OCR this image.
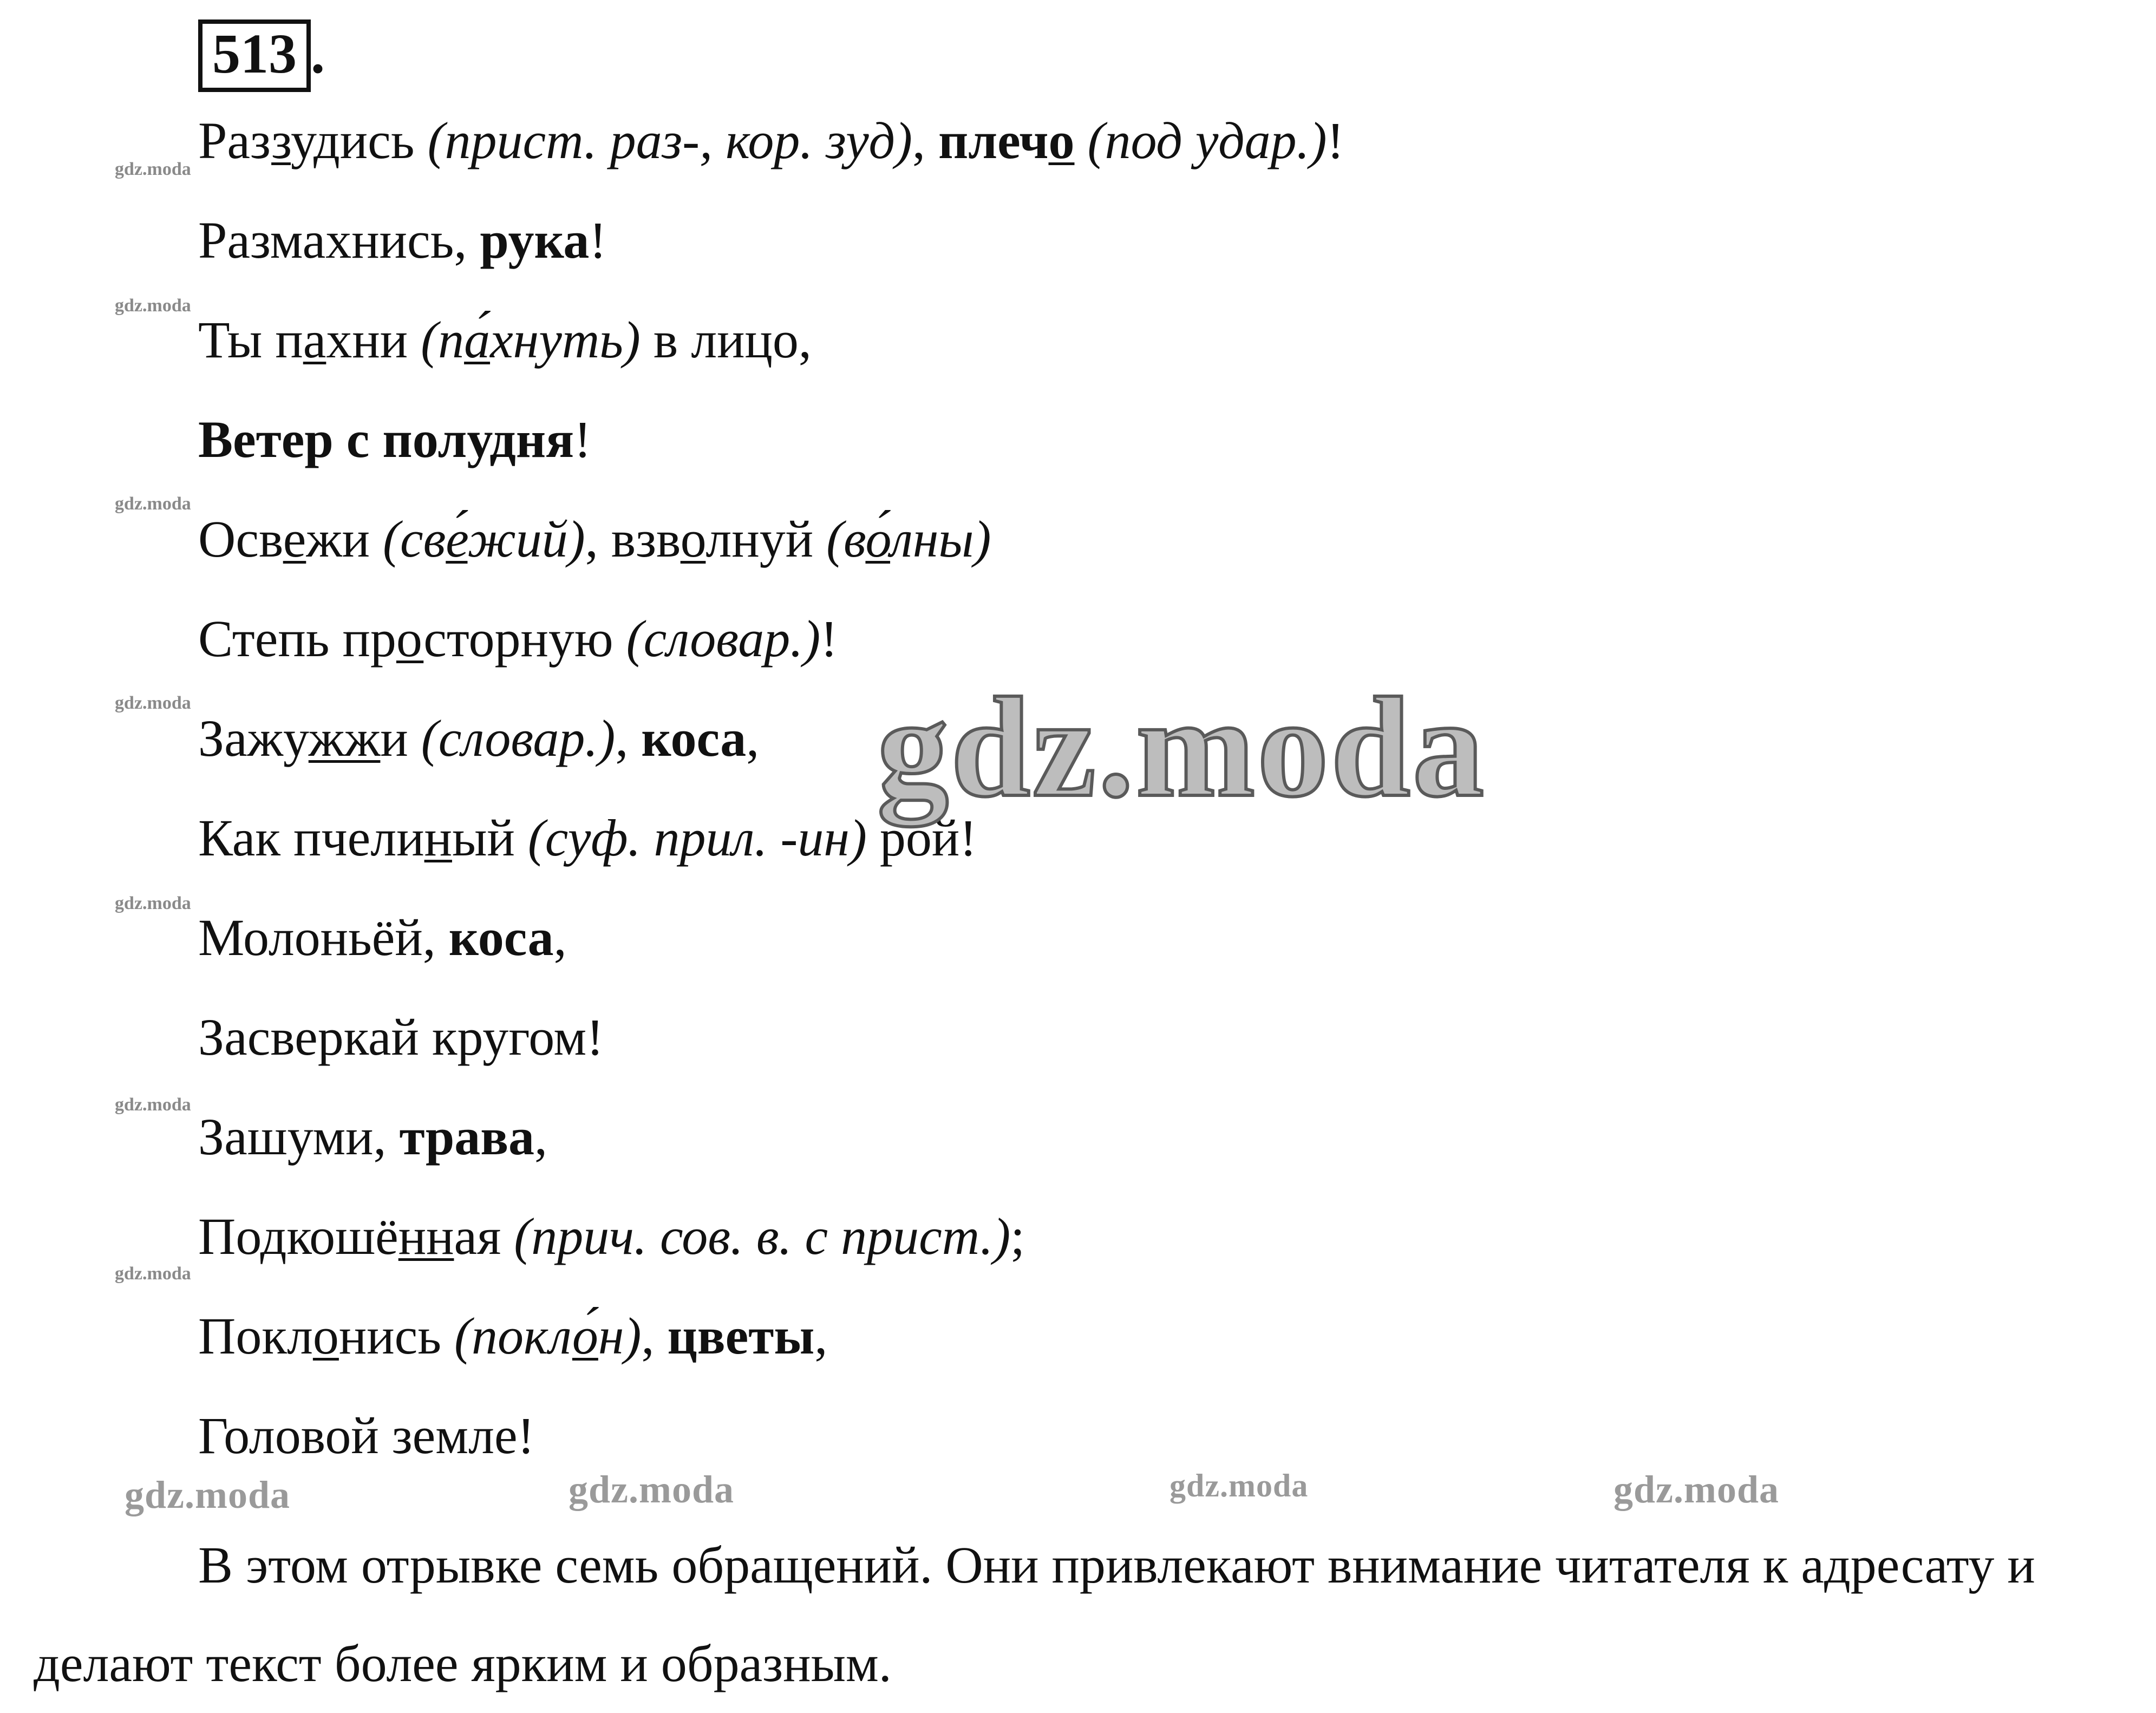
513 .
Раззудись (прист. раз-, кор. зуд), плечо (под удар.)!
Размахнись, рука!
Ты пахни (па́хнуть) в лицо,
Ветер с полудня!
Освежи (све́жий), взволнуй (во́лны)
Степь просторную (словар.)!
Зажужжи (словар.), коса,
Как пчелиный (суф. прил. -ин) рой!
Молоньёй, коса,
Засверкай кругом!
Зашуми, трава,
Подкошённая (прич. сов. в. с прист.);
Поклонись (покло́н), цветы,
Головой земле!
В этом отрывке семь обращений. Они привлекают внимание читателя к адресату и делают текст более ярким и образным.
gdz.moda
gdz.moda
gdz.moda
gdz.moda
gdz.moda
gdz.moda
gdz.moda
gdz.moda	gdz.moda	gdz.moda	gdz.moda
gdz.moda
